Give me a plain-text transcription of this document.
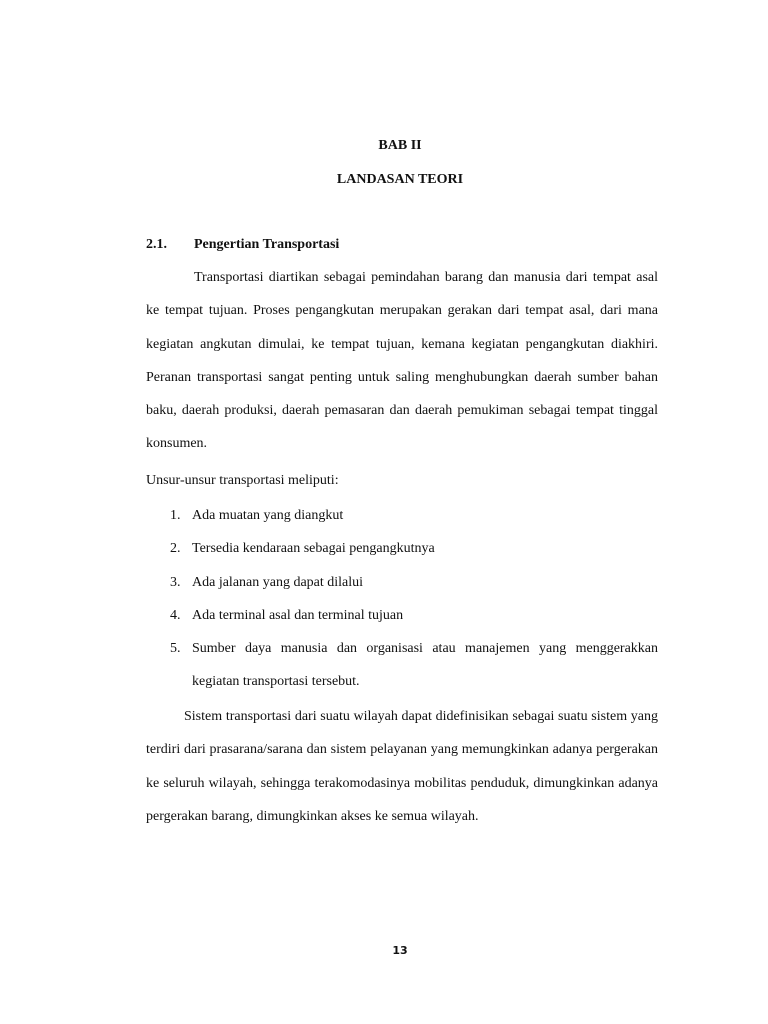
BAB II
LANDASAN TEORI
2.1. Pengertian Transportasi

Transportasi diartikan sebagai pemindahan barang dan manusia dari tempat asal ke tempat tujuan. Proses pengangkutan merupakan gerakan dari tempat asal, dari mana kegiatan angkutan dimulai, ke tempat tujuan, kemana kegiatan pengangkutan diakhiri. Peranan transportasi sangat penting untuk saling menghubungkan daerah sumber bahan baku, daerah produksi, daerah pemasaran dan daerah pemukiman sebagai tempat tinggal konsumen.

Unsur-unsur transportasi meliputi:
1. Ada muatan yang diangkut
2. Tersedia kendaraan sebagai pengangkutnya
3. Ada jalanan yang dapat dilalui
4. Ada terminal asal dan terminal tujuan
5. Sumber daya manusia dan organisasi atau manajemen yang menggerakkan kegiatan transportasi tersebut.

Sistem transportasi dari suatu wilayah dapat didefinisikan sebagai suatu sistem yang terdiri dari prasarana/sarana dan sistem pelayanan yang memungkinkan adanya pergerakan ke seluruh wilayah, sehingga terakomodasinya mobilitas penduduk, dimungkinkan adanya pergerakan barang, dimungkinkan akses ke semua wilayah.

13
